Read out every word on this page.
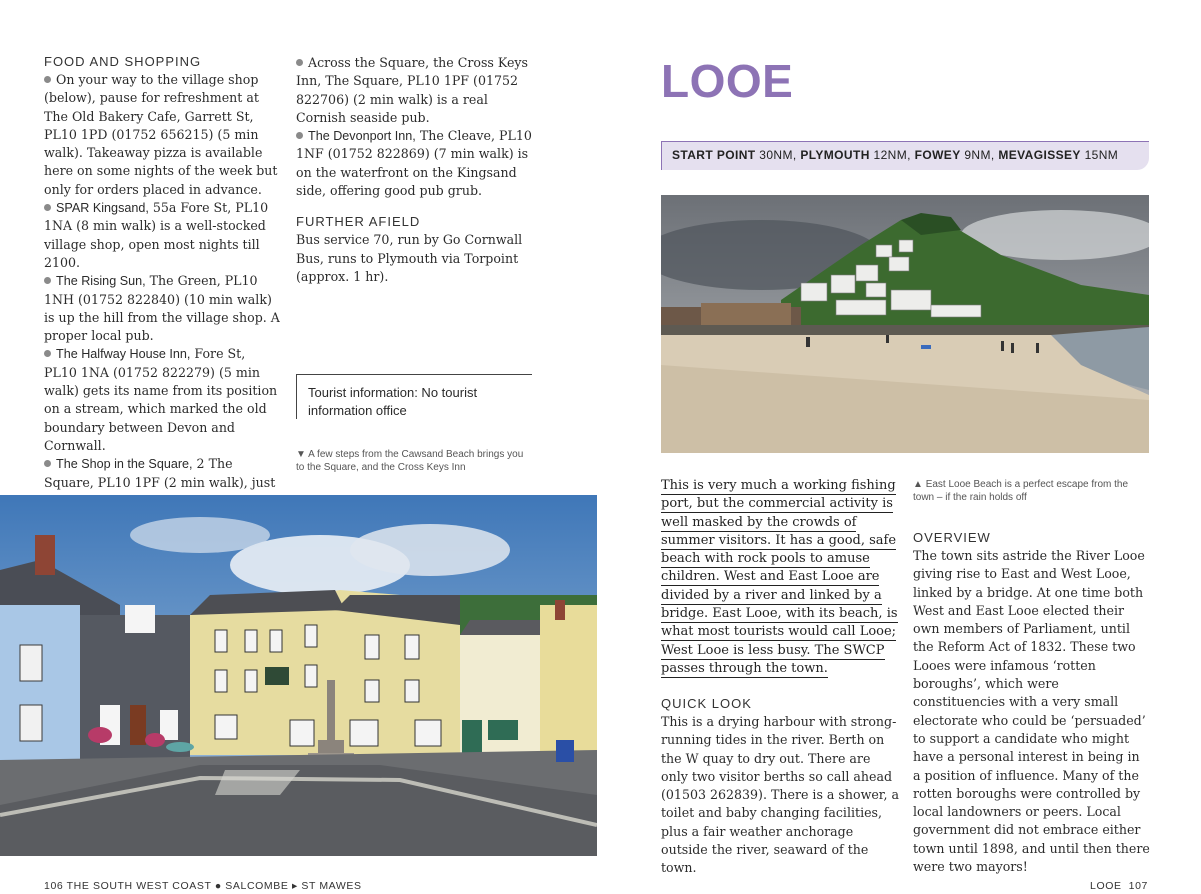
FOOD AND SHOPPING

On your way to the village shop (below), pause for refreshment at The Old Bakery Cafe, Garrett St, PL10 1PD (01752 656215) (5 min walk). Takeaway pizza is available here on some nights of the week but only for orders placed in advance.

SPAR Kingsand, 55a Fore St, PL10 1NA (8 min walk) is a well-stocked village shop, open most nights till 2100.

The Rising Sun, The Green, PL10 1NH (01752 822840) (10 min walk) is up the hill from the village shop. A proper local pub.

The Halfway House Inn, Fore St, PL10 1NA (01752 822279) (5 min walk) gets its name from its position on a stream, which marked the old boundary between Devon and Cornwall.

The Shop in the Square, 2 The Square, PL10 1PF (2 min walk), just

Across the Square, the Cross Keys Inn, The Square, PL10 1PF (01752 822706) (2 min walk) is a real Cornish seaside pub.

The Devonport Inn, The Cleave, PL10 1NF (01752 822869) (7 min walk) is on the waterfront on the Kingsand side, offering good pub grub.

FURTHER AFIELD

Bus service 70, run by Go Cornwall Bus, runs to Plymouth via Torpoint (approx. 1 hr).

Tourist information: No tourist information office
▼ A few steps from the Cawsand Beach brings you to the Square, and the Cross Keys Inn
106 THE SOUTH WEST COAST ● SALCOMBE ▸ ST MAWES
LOOE
START POINT 30NM, PLYMOUTH 12NM, FOWEY 9NM, MEVAGISSEY 15NM
▲ East Looe Beach is a perfect escape from the town – if the rain holds off
This is very much a working fishing port, but the commercial activity is well masked by the crowds of summer visitors. It has a good, safe beach with rock pools to amuse children. West and East Looe are divided by a river and linked by a bridge. East Looe, with its beach, is what most tourists would call Looe; West Looe is less busy. The SWCP passes through the town.
QUICK LOOK

This is a drying harbour with strong-running tides in the river. Berth on the W quay to dry out. There are only two visitor berths so call ahead (01503 262839). There is a shower, a toilet and baby changing facilities, plus a fair weather anchorage outside the river, seaward of the town.

OVERVIEW

The town sits astride the River Looe giving rise to East and West Looe, linked by a bridge. At one time both West and East Looe elected their own members of Parliament, until the Reform Act of 1832. These two Looes were infamous ‘rotten boroughs’, which were constituencies with a very small electorate who could be ‘persuaded’ to support a candidate who might have a personal interest in being in a position of influence. Many of the rotten boroughs were controlled by local landowners or peers. Local government did not embrace either town until 1898, and until then there were two mayors!

LOOE 107
